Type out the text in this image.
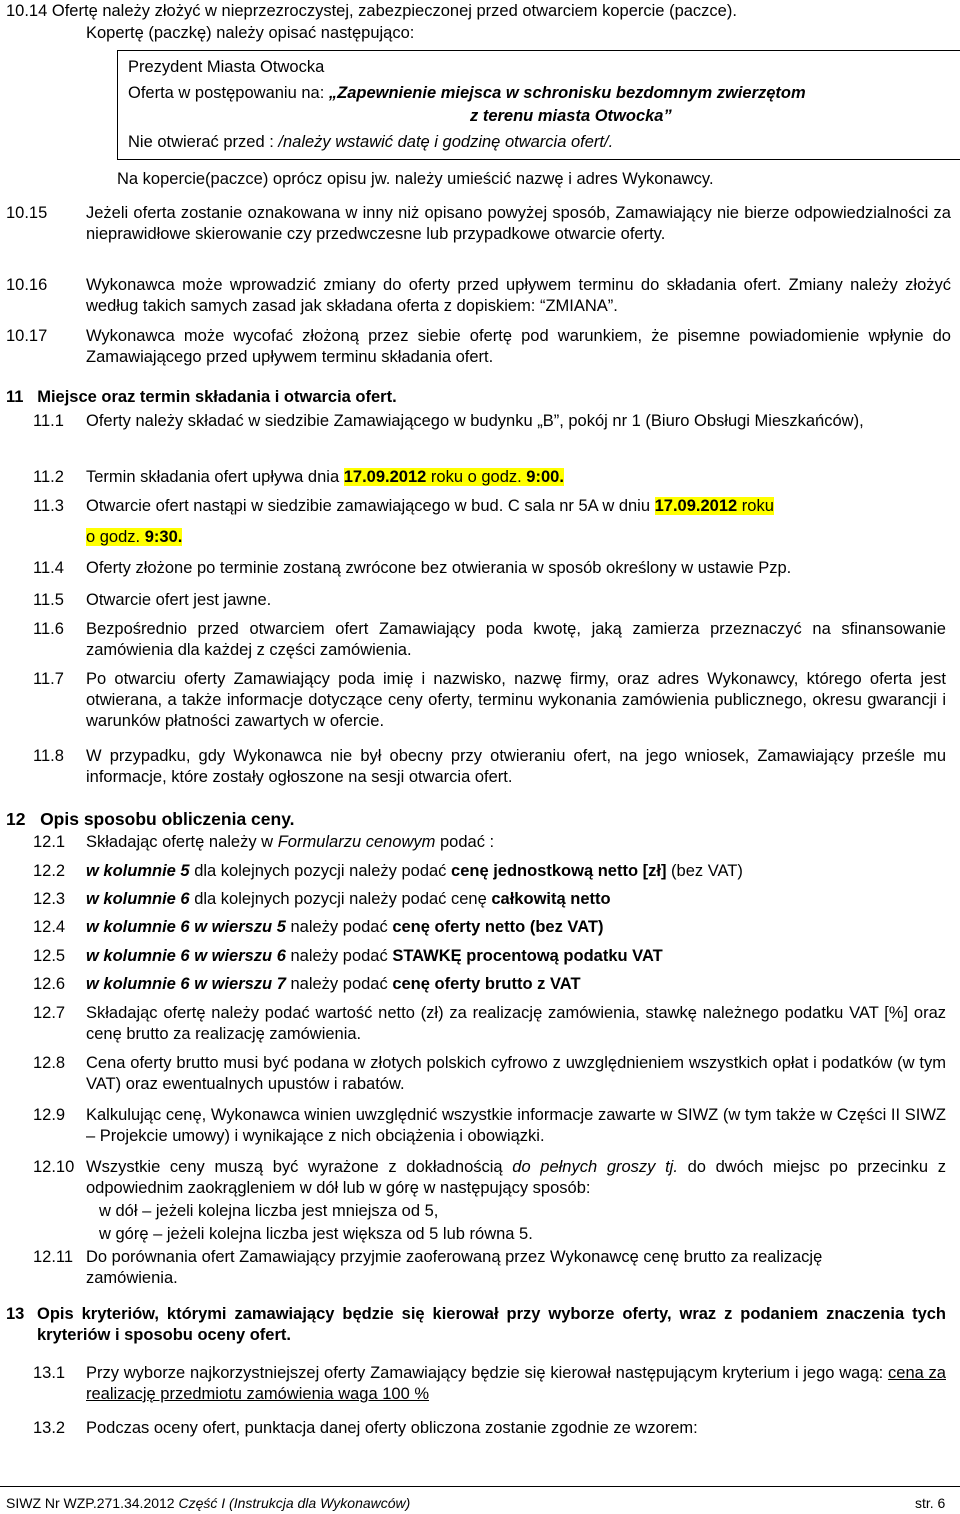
10.14 Ofertę należy złożyć w nieprzezroczystej, zabezpieczonej przed otwarciem kopercie (paczce).
Kopertę (paczkę) należy opisać następująco:
Prezydent Miasta Otwocka
Oferta w postępowaniu na: „Zapewnienie miejsca w schronisku bezdomnym zwierzętom
z terenu miasta Otwocka”
Nie otwierać przed : /należy wstawić datę i godzinę otwarcia ofert/.
Na kopercie(paczce) oprócz opisu jw. należy umieścić nazwę i adres Wykonawcy.
10.15	Jeżeli oferta zostanie oznakowana w inny niż opisano powyżej sposób, Zamawiający nie bierze odpowiedzialności za nieprawidłowe skierowanie czy przedwczesne lub przypadkowe otwarcie oferty.
10.16	Wykonawca może wprowadzić zmiany do oferty przed upływem terminu do składania ofert. Zmiany należy złożyć według takich samych zasad jak składana oferta z dopiskiem: “ZMIANA”.
10.17	Wykonawca może wycofać złożoną przez siebie ofertę pod warunkiem, że pisemne powiadomienie wpłynie do Zamawiającego przed upływem terminu składania ofert.
11 Miejsce oraz termin składania i otwarcia ofert.
11.1	Oferty należy składać w siedzibie Zamawiającego w budynku „B”, pokój nr 1 (Biuro Obsługi Mieszkańców),
11.2	Termin składania ofert upływa dnia 17.09.2012 roku o godz. 9:00.
11.3	Otwarcie ofert nastąpi w siedzibie zamawiającego w bud. C sala nr 5A w dniu 17.09.2012 roku
o godz. 9:30.
11.4	Oferty złożone po terminie zostaną zwrócone bez otwierania w sposób określony w ustawie Pzp.
11.5	Otwarcie ofert jest jawne.
11.6	Bezpośrednio przed otwarciem ofert Zamawiający poda kwotę, jaką zamierza przeznaczyć na sfinansowanie zamówienia dla każdej z części zamówienia.
11.7	Po otwarciu oferty Zamawiający poda imię i nazwisko, nazwę firmy, oraz adres Wykonawcy, którego oferta jest otwierana, a także informacje dotyczące ceny oferty, terminu wykonania zamówienia publicznego, okresu gwarancji i warunków płatności zawartych w ofercie.
11.8	W przypadku, gdy Wykonawca nie był obecny przy otwieraniu ofert, na jego wniosek, Zamawiający prześle mu informacje, które zostały ogłoszone na sesji otwarcia ofert.
12 Opis sposobu obliczenia ceny.
12.1	Składając ofertę należy w Formularzu cenowym podać :
12.2	w kolumnie 5 dla kolejnych pozycji należy podać cenę jednostkową netto [zł] (bez VAT)
12.3	w kolumnie 6 dla kolejnych pozycji należy podać cenę całkowitą netto
12.4	w kolumnie 6 w wierszu 5 należy podać cenę oferty netto (bez VAT)
12.5	w kolumnie 6 w wierszu 6 należy podać STAWKĘ procentową podatku VAT
12.6	w kolumnie 6 w wierszu 7 należy podać cenę oferty brutto z VAT
12.7	Składając ofertę należy podać wartość netto (zł) za realizację zamówienia, stawkę należnego podatku VAT [%] oraz cenę brutto za realizację zamówienia.
12.8	Cena oferty brutto musi być podana w złotych polskich cyfrowo z uwzględnieniem wszystkich opłat i podatków (w tym VAT) oraz ewentualnych upustów i rabatów.
12.9	Kalkulując cenę, Wykonawca winien uwzględnić wszystkie informacje zawarte w SIWZ (w tym także w Części II SIWZ – Projekcie umowy) i wynikające z nich obciążenia i obowiązki.
12.10 Wszystkie ceny muszą być wyrażone z dokładnością do pełnych groszy tj. do dwóch miejsc po przecinku z odpowiednim zaokrągleniem w dół lub w górę w następujący sposób:
w dół – jeżeli kolejna liczba jest mniejsza od 5,
w górę – jeżeli kolejna liczba jest większa od 5 lub równa 5.
12.11 Do porównania ofert Zamawiający przyjmie zaoferowaną przez Wykonawcę cenę brutto za realizację zamówienia.
13 Opis kryteriów, którymi zamawiający będzie się kierował przy wyborze oferty, wraz z podaniem znaczenia tych kryteriów i sposobu oceny ofert.
13.1	Przy wyborze najkorzystniejszej oferty Zamawiający będzie się kierował następującym kryterium i jego wagą: cena za realizację przedmiotu zamówienia waga 100 %
13.2	Podczas oceny ofert, punktacja danej oferty obliczona zostanie zgodnie ze wzorem:
SIWZ Nr WZP.271.34.2012 Część I (Instrukcja dla Wykonawców)	str. 6
